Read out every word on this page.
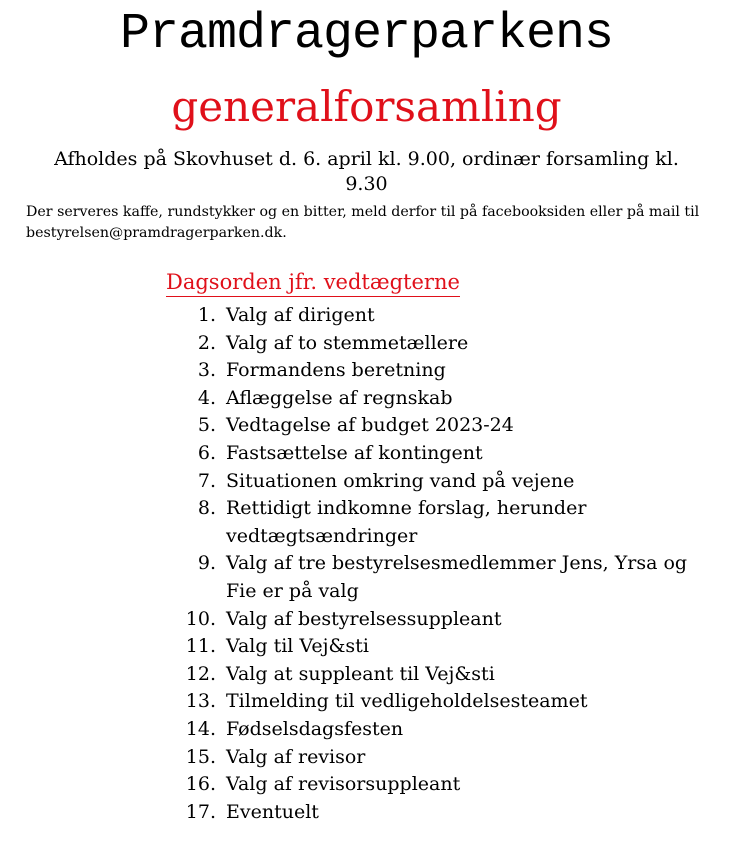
Pramdragerparkens
generalforsamling
Afholdes på Skovhuset d. 6. april kl. 9.00, ordinær forsamling kl. 9.30
Der serveres kaffe, rundstykker og en bitter, meld derfor til på facebooksiden eller på mail til bestyrelsen@pramdragerparken.dk.
Dagsorden jfr. vedtægterne
1. Valg af dirigent
2. Valg af to stemmetællere
3. Formandens beretning
4. Aflæggelse af regnskab
5. Vedtagelse af budget 2023-24
6. Fastsættelse af kontingent
7. Situationen omkring vand på vejene
8. Rettidigt indkomne forslag, herunder vedtægtsændringer
9. Valg af tre bestyrelsesmedlemmer Jens, Yrsa og Fie er på valg
10. Valg af bestyrelsessuppleant
11. Valg til Vej&sti
12. Valg at suppleant til Vej&sti
13. Tilmelding til vedligeholdelsesteamet
14. Fødselsdagsfesten
15. Valg af revisor
16. Valg af revisorsuppleant
17. Eventuelt
